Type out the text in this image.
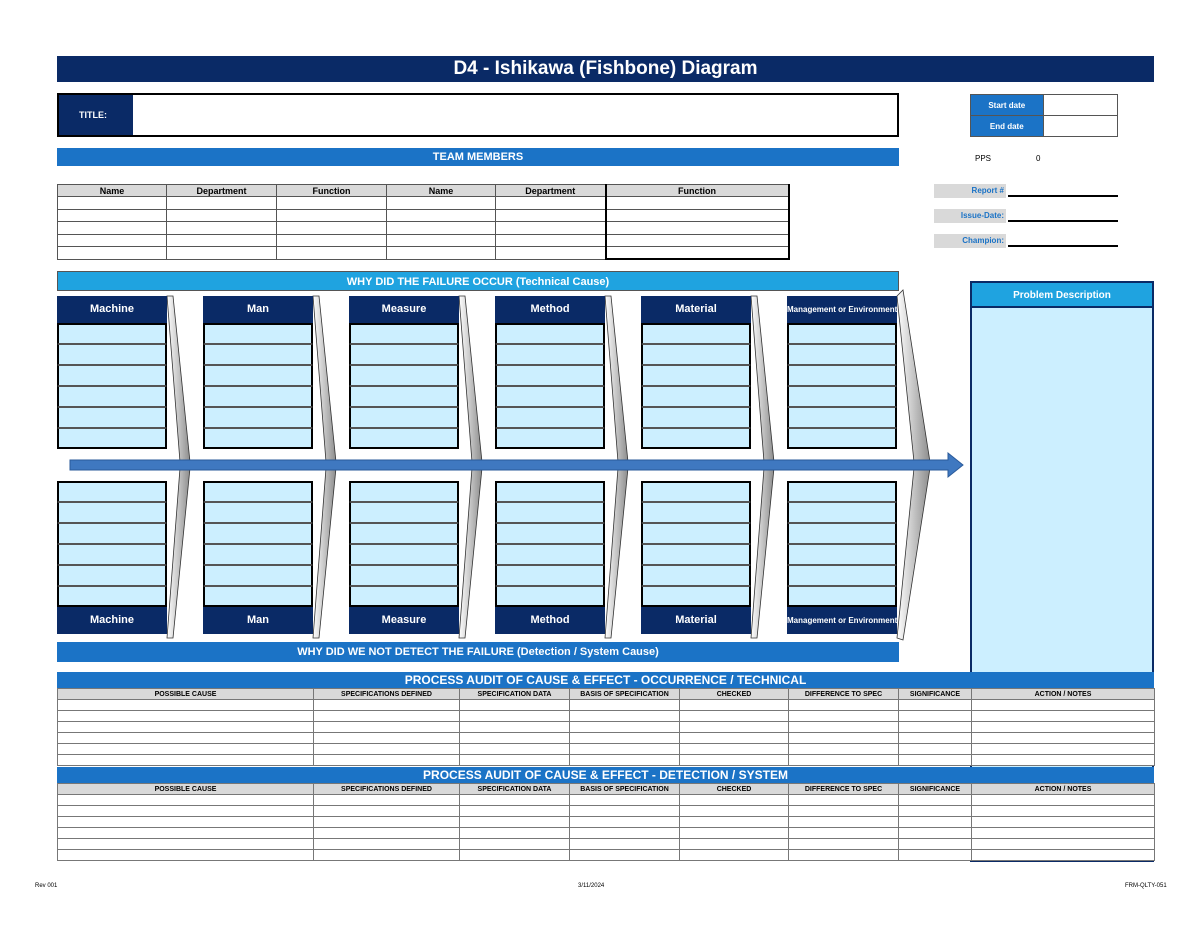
D4 - Ishikawa (Fishbone) Diagram
TITLE:
Start date	
End date	
TEAM MEMBERS	PPS	0
Name	Department	Function	Name	Department	Function

						Report #
Issue-Date:
Champion:
WHY DID THE FAILURE OCCUR (Technical Cause)
WHY DID WE NOT DETECT THE FAILURE (Detection / System Cause)
Machine	Man	Measure	Method	Material	Management or Environment
Machine	Man	Measure	Method	Material	Management or Environment
Problem Description
PROCESS AUDIT OF CAUSE & EFFECT - OCCURRENCE / TECHNICAL
POSSIBLE CAUSE	SPECIFICATIONS DEFINED	SPECIFICATION DATA	BASIS OF SPECIFICATION	CHECKED	DIFFERENCE TO SPEC	SIGNIFICANCE	ACTION / NOTES

PROCESS AUDIT OF CAUSE & EFFECT - DETECTION / SYSTEM
POSSIBLE CAUSE	SPECIFICATIONS DEFINED	SPECIFICATION DATA	BASIS OF SPECIFICATION	CHECKED	DIFFERENCE TO SPEC	SIGNIFICANCE	ACTION / NOTES

Rev 001	3/11/2024	FRM-QLTY-051
